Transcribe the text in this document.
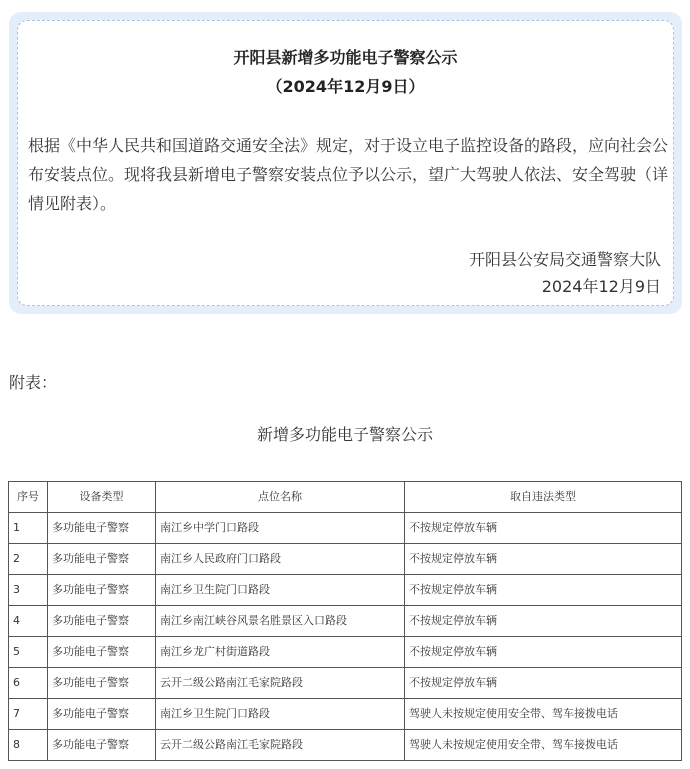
开阳县新增多功能电子警察公示
（2024年12月9日）

根据《中华人民共和国道路交通安全法》规定，对于设立电子监控设备的路段，应向社会公布安装点位。现将我县新增电子警察安装点位予以公示，望广大驾驶人依法、安全驾驶（详情见附表）。

开阳县公安局交通警察大队
2024年12月9日
附表：
新增多功能电子警察公示
序号	设备类型	点位名称	取自违法类型
1	多功能电子警察	南江乡中学门口路段	不按规定停放车辆
2	多功能电子警察	南江乡人民政府门口路段	不按规定停放车辆
3	多功能电子警察	南江乡卫生院门口路段	不按规定停放车辆
4	多功能电子警察	南江乡南江峡谷风景名胜景区入口路段	不按规定停放车辆
5	多功能电子警察	南江乡龙广村街道路段	不按规定停放车辆
6	多功能电子警察	云开二级公路南江毛家院路段	不按规定停放车辆
7	多功能电子警察	南江乡卫生院门口路段	驾驶人未按规定使用安全带、驾车接拨电话
8	多功能电子警察	云开二级公路南江毛家院路段	驾驶人未按规定使用安全带、驾车接拨电话
